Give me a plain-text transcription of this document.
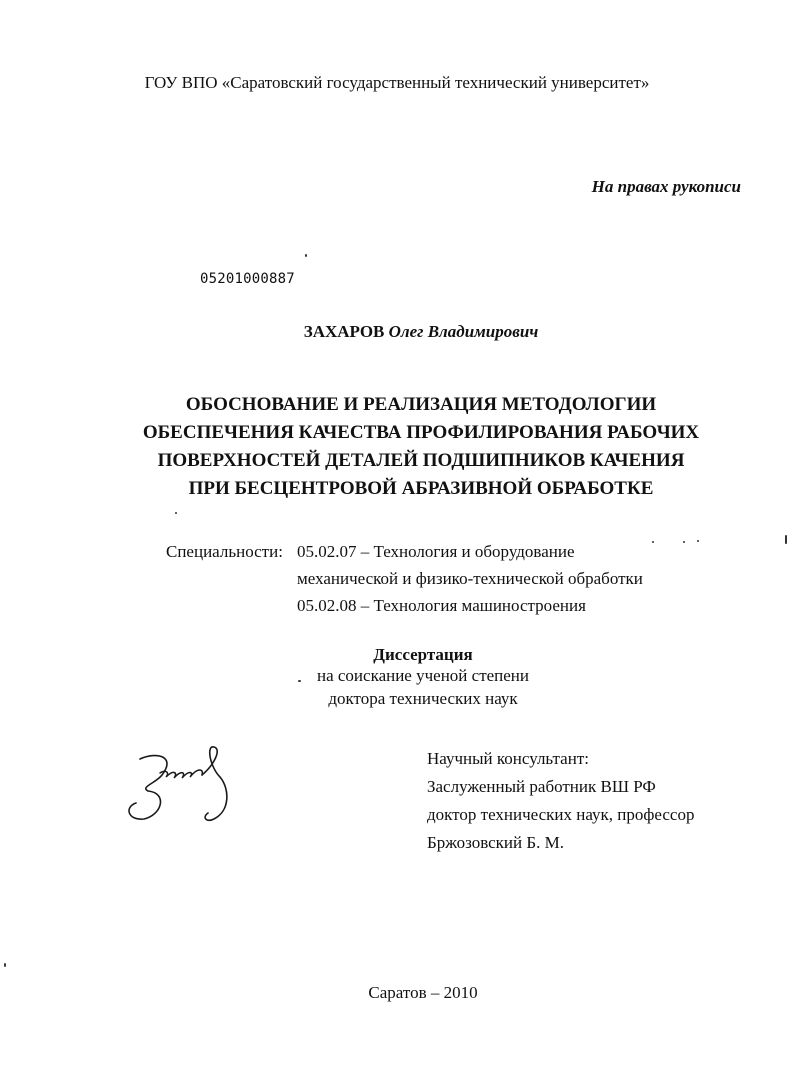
ГОУ ВПО «Саратовский государственный технический университет»
На правах рукописи
05201000887
ЗАХАРОВ Олег Владимирович
ОБОСНОВАНИЕ И РЕАЛИЗАЦИЯ МЕТОДОЛОГИИ
ОБЕСПЕЧЕНИЯ КАЧЕСТВА ПРОФИЛИРОВАНИЯ РАБОЧИХ
ПОВЕРХНОСТЕЙ ДЕТАЛЕЙ ПОДШИПНИКОВ КАЧЕНИЯ
ПРИ БЕСЦЕНТРОВОЙ АБРАЗИВНОЙ ОБРАБОТКЕ
Специальности: 05.02.07 – Технология и оборудование
механической и физико-технической обработки
05.02.08 – Технология машиностроения
Диссертация
на соискание ученой степени
доктора технических наук
Научный консультант:
Заслуженный работник ВШ РФ
доктор технических наук, профессор
Бржозовский Б. М.
Саратов – 2010
